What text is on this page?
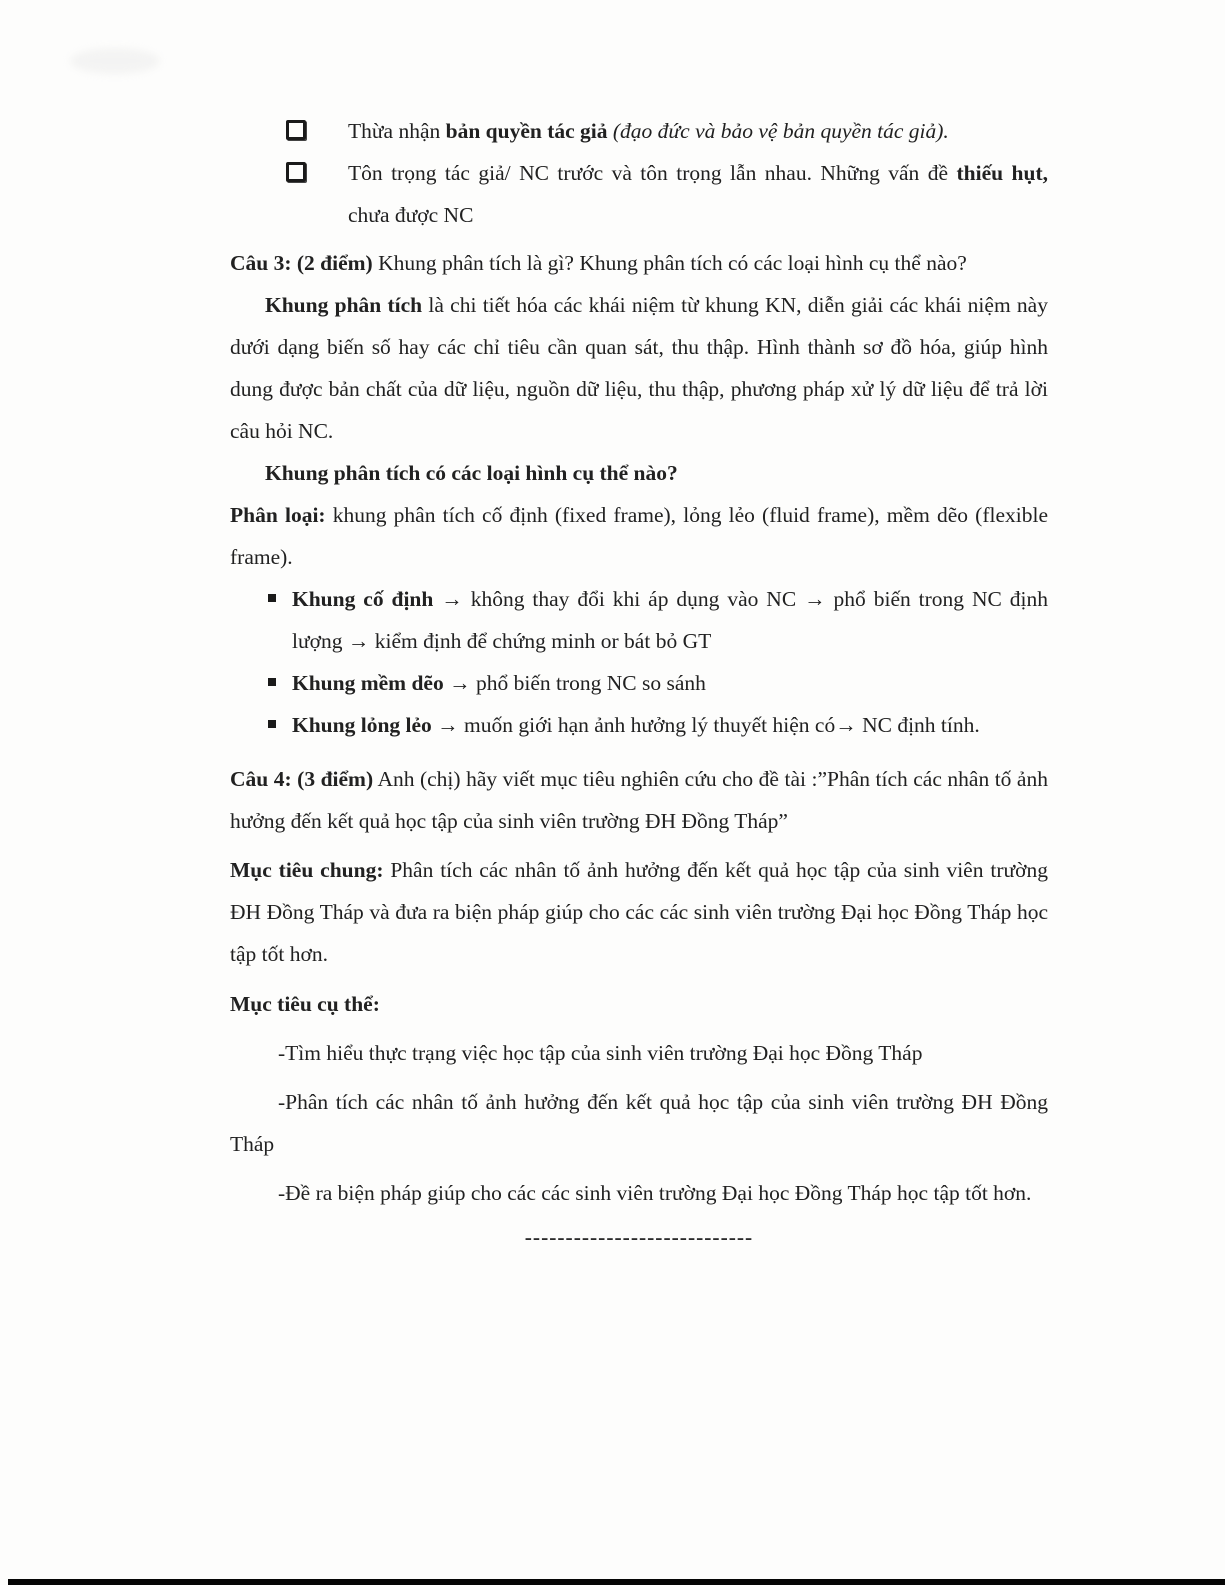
Thừa nhận bản quyền tác giả (đạo đức và bảo vệ bản quyền tác giả).

Tôn trọng tác giả/ NC trước và tôn trọng lẫn nhau. Những vấn đề thiếu hụt, chưa được NC

Câu 3: (2 điểm) Khung phân tích là gì? Khung phân tích có các loại hình cụ thể nào?

Khung phân tích là chi tiết hóa các khái niệm từ khung KN, diễn giải các khái niệm này dưới dạng biến số hay các chỉ tiêu cần quan sát, thu thập. Hình thành sơ đồ hóa, giúp hình dung được bản chất của dữ liệu, nguồn dữ liệu, thu thập, phương pháp xử lý dữ liệu để trả lời câu hỏi NC.

Khung phân tích có các loại hình cụ thể nào?

Phân loại: khung phân tích cố định (fixed frame), lỏng lẻo (fluid frame), mềm dẽo (flexible frame).

Khung cố định → không thay đổi khi áp dụng vào NC → phổ biến trong NC định lượng → kiểm định để chứng minh or bát bỏ GT

Khung mềm dẽo → phổ biến trong NC so sánh

Khung lỏng lẻo → muốn giới hạn ảnh hưởng lý thuyết hiện có→ NC định tính.

Câu 4: (3 điểm) Anh (chị) hãy viết mục tiêu nghiên cứu cho đề tài :”Phân tích các nhân tố ảnh hưởng đến kết quả học tập của sinh viên trường ĐH Đồng Tháp”

Mục tiêu chung: Phân tích các nhân tố ảnh hưởng đến kết quả học tập của sinh viên trường ĐH Đồng Tháp và đưa ra biện pháp giúp cho các các sinh viên trường Đại học Đồng Tháp học tập tốt hơn.

Mục tiêu cụ thể:

-Tìm hiểu thực trạng việc học tập của sinh viên trường Đại học Đồng Tháp

-Phân tích các nhân tố ảnh hưởng đến kết quả học tập của sinh viên trường ĐH Đồng Tháp

-Đề ra biện pháp giúp cho các các sinh viên trường Đại học Đồng Tháp học tập tốt hơn.

----------------------------
